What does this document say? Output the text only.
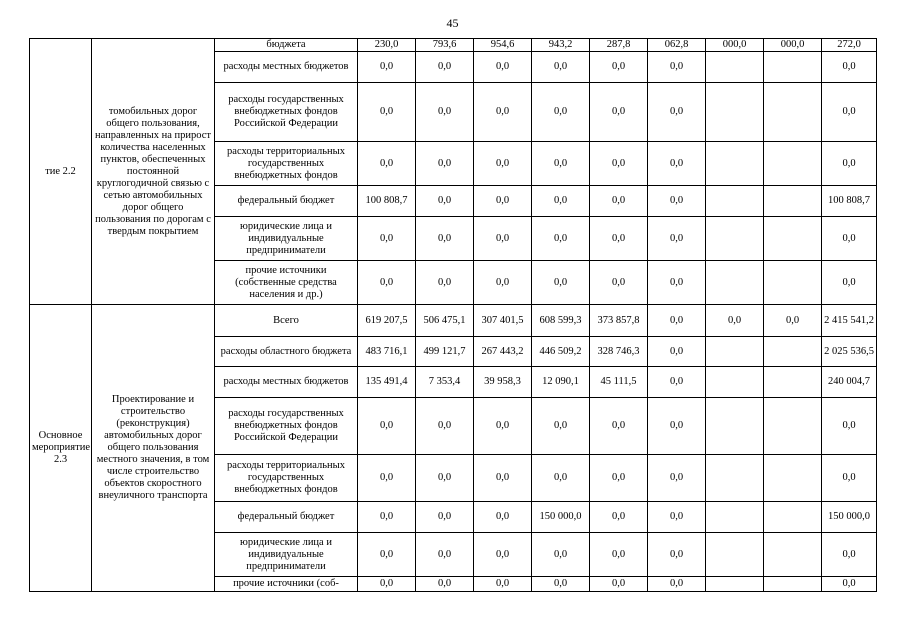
45
тие 2.2	томобильных дорог общего пользования, направленных на прирост количества населенных пунктов, обеспеченных постоянной круглогодичной связью с сетью автомобильных дорог общего пользования по дорогам с твердым покрытием	бюджета	230,0	793,6	954,6	943,2	287,8	062,8	000,0	000,0	272,0
		расходы местных бюджетов	0,0	0,0	0,0	0,0	0,0	0,0			0,0
		расходы государственных внебюджетных фондов Российской Федерации	0,0	0,0	0,0	0,0	0,0	0,0			0,0
		расходы территориальных государственных внебюджетных фондов	0,0	0,0	0,0	0,0	0,0	0,0			0,0
		федеральный бюджет	100 808,7	0,0	0,0	0,0	0,0	0,0			100 808,7
		юридические лица и индивидуальные предприниматели	0,0	0,0	0,0	0,0	0,0	0,0			0,0
		прочие источники (собственные средства населения и др.)	0,0	0,0	0,0	0,0	0,0	0,0			0,0
Основное мероприятие 2.3	Проектирование и строительство (реконструкция) автомобильных дорог общего пользования местного значения, в том числе строительство объектов скоростного внеуличного транспорта	Всего	619 207,5	506 475,1	307 401,5	608 599,3	373 857,8	0,0	0,0	0,0	2 415 541,2
		расходы областного бюджета	483 716,1	499 121,7	267 443,2	446 509,2	328 746,3	0,0			2 025 536,5
		расходы местных бюджетов	135 491,4	7 353,4	39 958,3	12 090,1	45 111,5	0,0			240 004,7
		расходы государственных внебюджетных фондов Российской Федерации	0,0	0,0	0,0	0,0	0,0	0,0			0,0
		расходы территориальных государственных внебюджетных фондов	0,0	0,0	0,0	0,0	0,0	0,0			0,0
		федеральный бюджет	0,0	0,0	0,0	150 000,0	0,0	0,0			150 000,0
		юридические лица и индивидуальные предприниматели	0,0	0,0	0,0	0,0	0,0	0,0			0,0
		прочие источники (соб-	0,0	0,0	0,0	0,0	0,0	0,0			0,0
